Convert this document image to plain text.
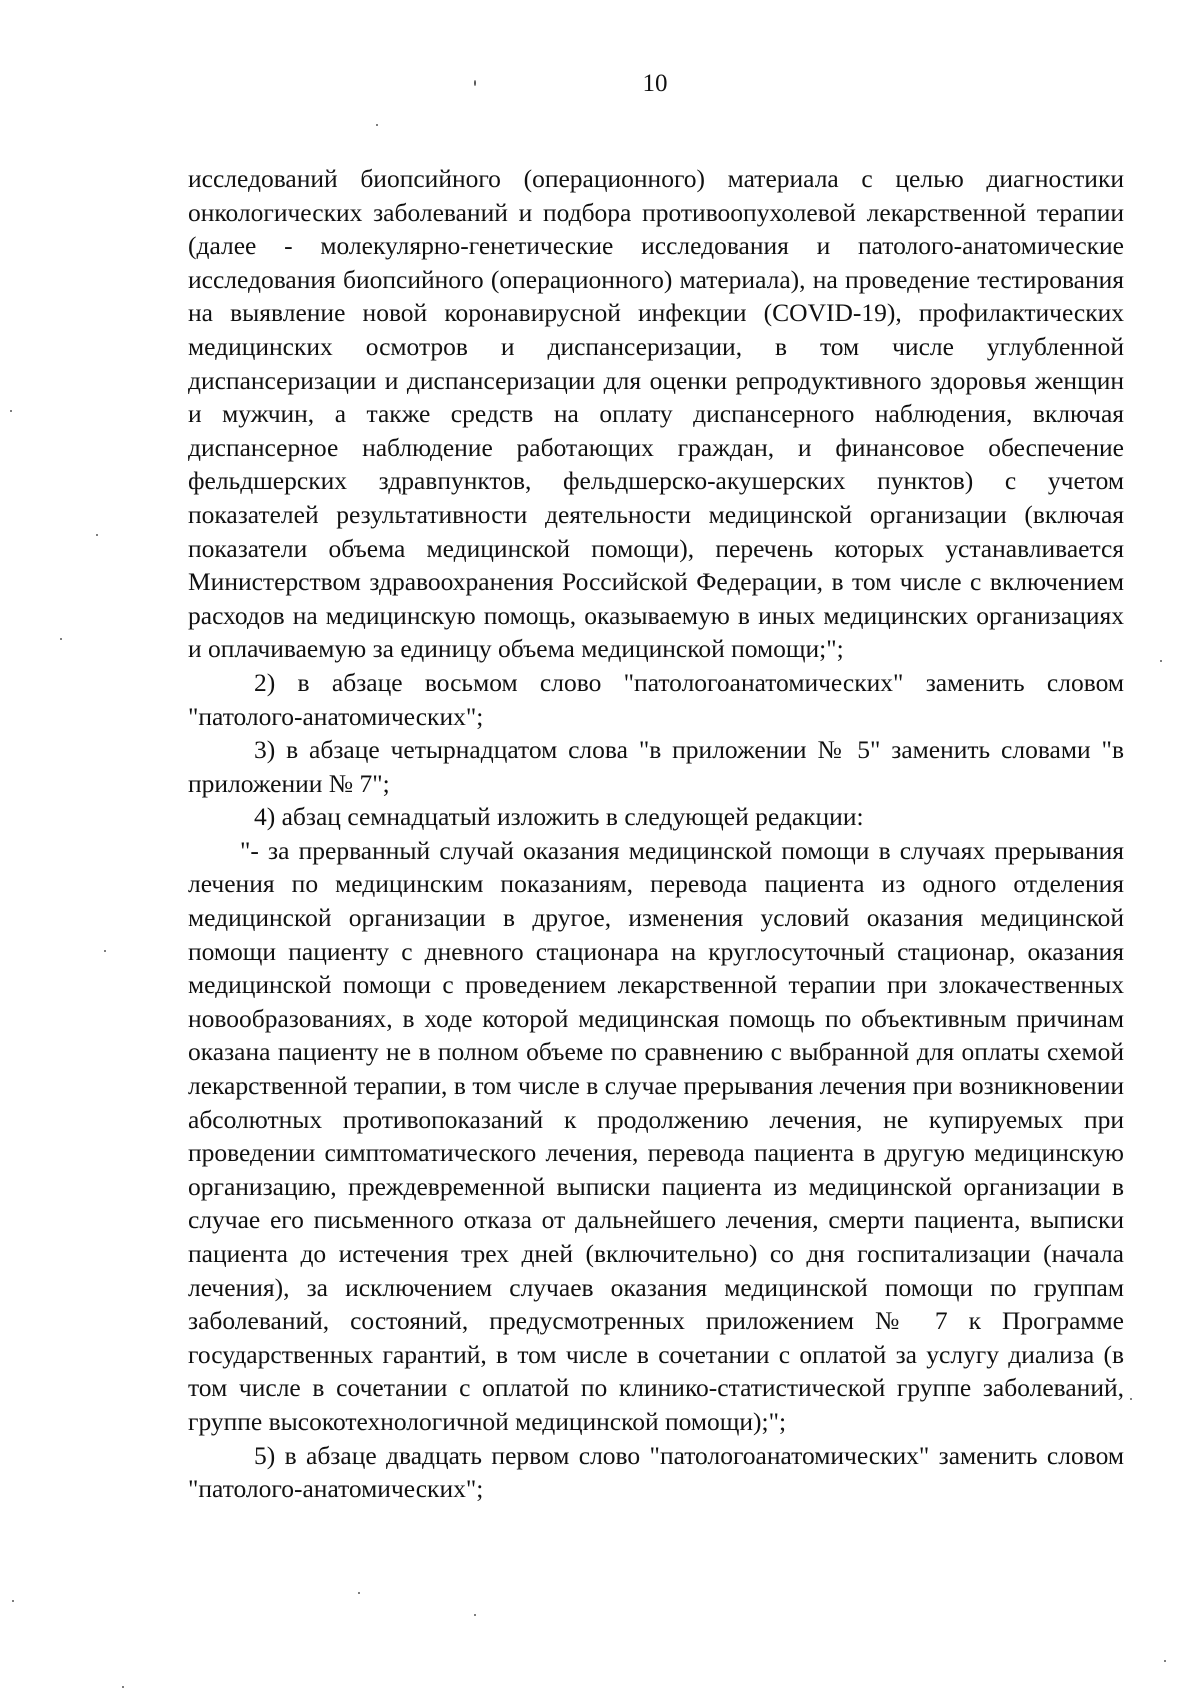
10

исследований биопсийного (операционного) материала с целью диагностики онкологических заболеваний и подбора противоопухолевой лекарственной терапии (далее - молекулярно-генетические исследования и патолого-анатомические исследования биопсийного (операционного) материала), на проведение тестирования на выявление новой коронавирусной инфекции (COVID-19), профилактических медицинских осмотров и диспансеризации, в том числе углубленной диспансеризации и диспансеризации для оценки репродуктивного здоровья женщин и мужчин, а также средств на оплату диспансерного наблюдения, включая диспансерное наблюдение работающих граждан, и финансовое обеспечение фельдшерских здравпунктов, фельдшерско-акушерских пунктов) с учетом показателей результативности деятельности медицинской организации (включая показатели объема медицинской помощи), перечень которых устанавливается Министерством здравоохранения Российской Федерации, в том числе с включением расходов на медицинскую помощь, оказываемую в иных медицинских организациях и оплачиваемую за единицу объема медицинской помощи;";

2) в абзаце восьмом слово "патологоанатомических" заменить словом "патолого-анатомических";

3) в абзаце четырнадцатом слова "в приложении № 5" заменить словами "в приложении № 7";

4) абзац семнадцатый изложить в следующей редакции:

"- за прерванный случай оказания медицинской помощи в случаях прерывания лечения по медицинским показаниям, перевода пациента из одного отделения медицинской организации в другое, изменения условий оказания медицинской помощи пациенту с дневного стационара на круглосуточный стационар, оказания медицинской помощи с проведением лекарственной терапии при злокачественных новообразованиях, в ходе которой медицинская помощь по объективным причинам оказана пациенту не в полном объеме по сравнению с выбранной для оплаты схемой лекарственной терапии, в том числе в случае прерывания лечения при возникновении абсолютных противопоказаний к продолжению лечения, не купируемых при проведении симптоматического лечения, перевода пациента в другую медицинскую организацию, преждевременной выписки пациента из медицинской организации в случае его письменного отказа от дальнейшего лечения, смерти пациента, выписки пациента до истечения трех дней (включительно) со дня госпитализации (начала лечения), за исключением случаев оказания медицинской помощи по группам заболеваний, состояний, предусмотренных приложением № 7 к Программе государственных гарантий, в том числе в сочетании с оплатой за услугу диализа (в том числе в сочетании с оплатой по клинико-статистической группе заболеваний, группе высокотехнологичной медицинской помощи);";

5) в абзаце двадцать первом слово "патологоанатомических" заменить словом "патолого-анатомических";
